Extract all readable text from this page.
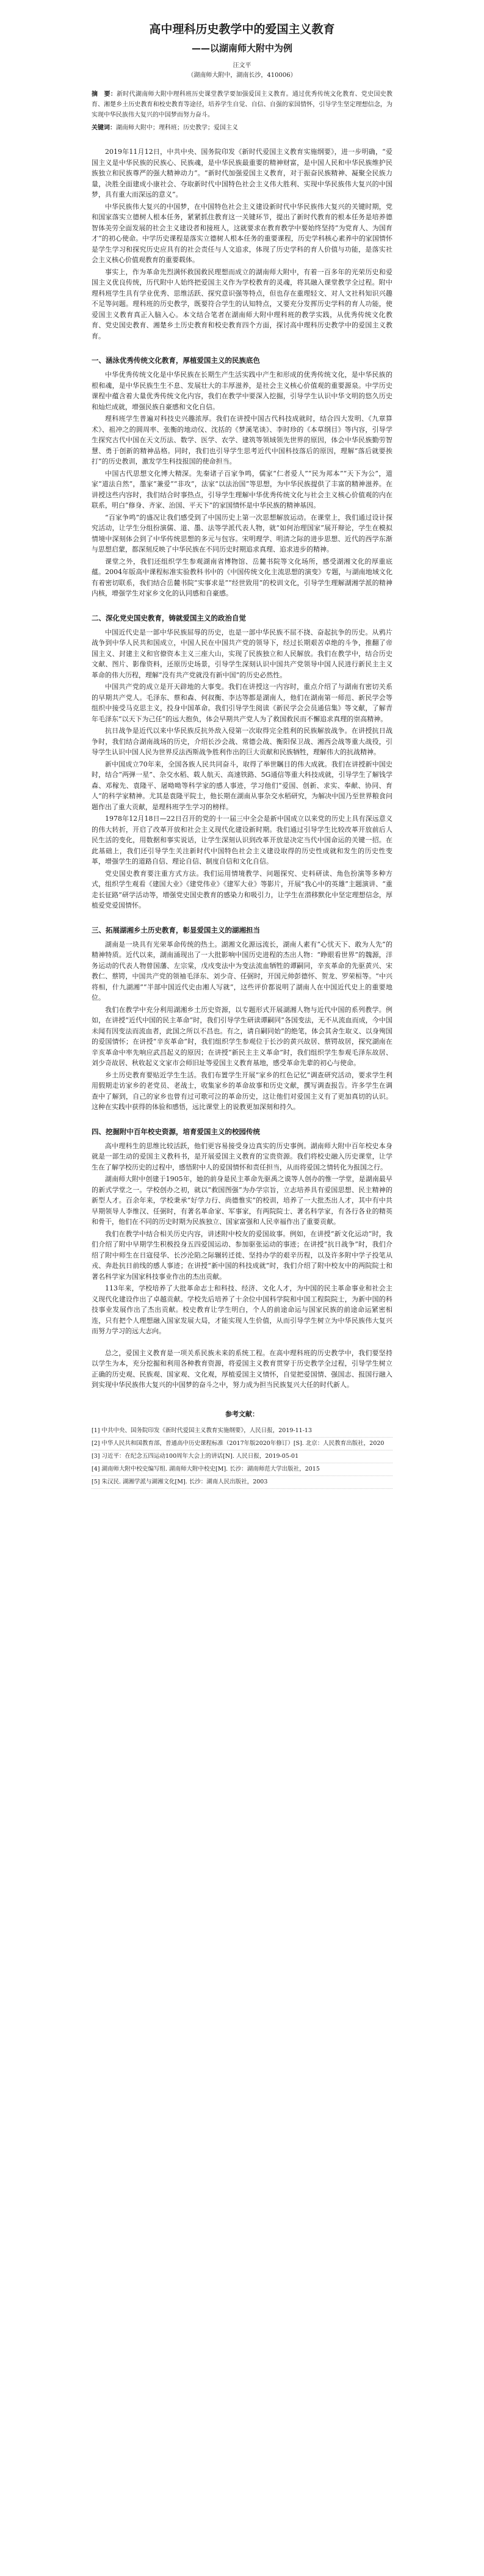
高中理科历史教学中的爱国主义教育
——以湖南师大附中为例

汪文平

（湖南师大附中，湖南长沙，410006）

摘　要：新时代湖南师大附中理科班历史课堂教学要加强爱国主义教育。通过优秀传统文化教育、党史国史教育、湘楚乡土历史教育和校史教育等途径，培养学生自觉、自信、自强的家国情怀，引导学生坚定理想信念，为实现中华民族伟大复兴的中国梦而努力奋斗。

关键词：湖南师大附中；理科班；历史教学；爱国主义

2019年11月12日，中共中央、国务院印发《新时代爱国主义教育实施纲要》，进一步明确，“爱国主义是中华民族的民族心、民族魂，是中华民族最重要的精神财富，是中国人民和中华民族维护民族独立和民族尊严的强大精神动力”。“新时代加强爱国主义教育，对于振奋民族精神、凝聚全民族力量，决胜全面建成小康社会、夺取新时代中国特色社会主义伟大胜利、实现中华民族伟大复兴的中国梦，具有重大而深远的意义”。

中华民族伟大复兴的中国梦，在中国特色社会主义建设新时代中华民族伟大复兴的关键时期，党和国家落实立德树人根本任务，紧紧抓住教育这一关键环节，提出了新时代教育的根本任务是培养德智体美劳全面发展的社会主义建设者和接班人，这就要求在教育教学中要始终坚持“为党育人、为国育才”的初心使命。中学历史课程是落实立德树人根本任务的重要课程，历史学科核心素养中的家国情怀是学生学习和探究历史应具有的社会责任与人文追求，体现了历史学科的育人价值与功能，是落实社会主义核心价值观教育的重要载体。

事实上，作为革命先烈满怀救国救民理想而成立的湖南师大附中，有着一百多年的光荣历史和爱国主义优良传统，历代附中人始终把爱国主义作为学校教育的灵魂，将其融入课堂教学全过程。附中理科班学生具有学业优秀、思维活跃、探究意识强等特点，但也存在重理轻文、对人文社科知识兴趣不足等问题。理科班的历史教学，既要符合学生的认知特点，又要充分发挥历史学科的育人功能，使爱国主义教育真正入脑入心。本文结合笔者在湖南师大附中理科班的教学实践，从优秀传统文化教育、党史国史教育、湘楚乡土历史教育和校史教育四个方面，探讨高中理科历史教学中的爱国主义教育。

一、涵泳优秀传统文化教育，厚植爱国主义的民族底色

中华优秀传统文化是中华民族在长期生产生活实践中产生和形成的优秀传统文化，是中华民族的根和魂，是中华民族生生不息、发展壮大的丰厚滋养，是社会主义核心价值观的重要源泉。中学历史课程中蕴含着大量优秀传统文化内容，我们在教学中要深入挖掘，引导学生认识中华文明的悠久历史和灿烂成就，增强民族自豪感和文化自信。

理科班学生普遍对科技史兴趣浓厚。我们在讲授中国古代科技成就时，结合四大发明、《九章算术》、祖冲之的圆周率、张衡的地动仪、沈括的《梦溪笔谈》、李时珍的《本草纲目》等内容，引导学生探究古代中国在天文历法、数学、医学、农学、建筑等领域领先世界的原因，体会中华民族勤劳智慧、勇于创新的精神品格。同时，我们也引导学生思考近代中国科技落后的原因，理解“落后就要挨打”的历史教训，激发学生科技报国的使命担当。

中国古代思想文化博大精深。先秦诸子百家争鸣，儒家“仁者爱人”“民为邦本”“天下为公”，道家“道法自然”，墨家“兼爱”“非攻”，法家“以法治国”等思想，为中华民族提供了丰富的精神滋养。在讲授这些内容时，我们结合时事热点，引导学生理解中华优秀传统文化与社会主义核心价值观的内在联系，明白“修身、齐家、治国、平天下”的家国情怀是中华民族的精神基因。

“百家争鸣”的盛况让我们感受到了中国历史上第一次思想解放运动。在课堂上，我们通过设计探究活动，让学生分组扮演儒、道、墨、法等学派代表人物，就“如何治理国家”展开辩论，学生在模拟情境中深刻体会到了中华传统思想的多元与包容。宋明理学、明清之际的进步思想、近代的西学东渐与思想启蒙，都深刻反映了中华民族在不同历史时期追求真理、追求进步的精神。

课堂之外，我们还组织学生参观湖南省博物馆、岳麓书院等文化场所，感受湖湘文化的厚重底蕴。2004年版高中课程标准实验教科书中的《中国传统文化主流思想的演变》专题，与湖南地域文化有着密切联系，我们结合岳麓书院“实事求是”“经世致用”的校训文化，引导学生理解湖湘学派的精神内核，增强学生对家乡文化的认同感和自豪感。

二、深化党史国史教育，铸就爱国主义的政治自觉

中国近代史是一部中华民族屈辱的历史，也是一部中华民族不屈不挠、奋起抗争的历史。从鸦片战争到中华人民共和国成立，中国人民在中国共产党的领导下，经过长期艰苦卓绝的斗争，推翻了帝国主义、封建主义和官僚资本主义三座大山，实现了民族独立和人民解放。我们在教学中，结合历史文献、图片、影像资料，还原历史场景，引导学生深刻认识中国共产党领导中国人民进行新民主主义革命的伟大历程，理解“没有共产党就没有新中国”的历史必然性。

中国共产党的成立是开天辟地的大事变。我们在讲授这一内容时，重点介绍了与湖南有密切关系的早期共产党人。毛泽东、蔡和森、何叔衡、李达等都是湖南人，他们在湖南第一师范、新民学会等组织中接受马克思主义，投身中国革命。我们引导学生阅读《新民学会会员通信集》等文献，了解青年毛泽东“以天下为己任”的远大抱负，体会早期共产党人为了救国救民而不懈追求真理的崇高精神。

抗日战争是近代以来中华民族反抗外敌入侵第一次取得完全胜利的民族解放战争。在讲授抗日战争时，我们结合湖南战场的历史，介绍长沙会战、常德会战、衡阳保卫战、湘西会战等重大战役，引导学生认识中国人民为世界反法西斯战争胜利作出的巨大贡献和民族牺牲，理解伟大的抗战精神。

新中国成立70年来，全国各族人民共同奋斗，取得了举世瞩目的伟大成就。我们在讲授新中国史时，结合“两弹一星”、杂交水稻、载人航天、高速铁路、5G通信等重大科技成就，引导学生了解钱学森、邓稼先、袁隆平、屠呦呦等科学家的感人事迹，学习他们“爱国、创新、求实、奉献、协同、育人”的科学家精神。尤其是袁隆平院士，他长期在湖南从事杂交水稻研究，为解决中国乃至世界粮食问题作出了重大贡献，是理科班学生学习的榜样。

1978年12月18日—22日召开的党的十一届三中全会是新中国成立以来党的历史上具有深远意义的伟大转折，开启了改革开放和社会主义现代化建设新时期。我们通过引导学生比较改革开放前后人民生活的变化，用数据和事实说话，让学生深刻认识到改革开放是决定当代中国命运的关键一招。在此基础上，我们还引导学生关注新时代中国特色社会主义建设取得的历史性成就和发生的历史性变革，增强学生的道路自信、理论自信、制度自信和文化自信。

党史国史教育要注重方式方法。我们运用情境教学、问题探究、史料研读、角色扮演等多种方式，组织学生观看《建国大业》《建党伟业》《建军大业》等影片，开展“我心中的英雄”主题演讲、“重走长征路”研学活动等，增强党史国史教育的感染力和吸引力，让学生在潜移默化中坚定理想信念，厚植爱党爱国情怀。

三、拓展湖湘乡土历史教育，彰显爱国主义的湖湘担当

湖南是一块具有光荣革命传统的热土。湖湘文化源远流长，湖南人素有“心忧天下、敢为人先”的精神特质。近代以来，湖南涌现出了一大批影响中国历史进程的杰出人物：“睁眼看世界”的魏源，洋务运动的代表人物曾国藩、左宗棠，戊戌变法中为变法流血牺牲的谭嗣同，辛亥革命的先驱黄兴、宋教仁、蔡锷，中国共产党的领袖毛泽东、刘少奇、任弼时，开国元帅彭德怀、贺龙、罗荣桓等。“中兴将相，什九湖湘”“半部中国近代史由湘人写就”，这些评价都说明了湖南人在中国近代史上的重要地位。

我们在教学中充分利用湖湘乡土历史资源，以专题形式开展湖湘人物与近代中国的系列教学。例如，在讲授“近代中国的民主革命”时，我们引导学生研读谭嗣同“各国变法，无不从流血而成，今中国未闻有因变法而流血者，此国之所以不昌也。有之，请自嗣同始”的绝笔，体会其舍生取义、以身殉国的爱国情怀；在讲授“辛亥革命”时，我们组织学生参观位于长沙的黄兴故居、蔡锷故居，探究湖南在辛亥革命中率先响应武昌起义的原因；在讲授“新民主主义革命”时，我们组织学生参观毛泽东故居、刘少奇故居、秋收起义文家市会师旧址等爱国主义教育基地，感受革命先辈的初心与使命。

乡土历史教育要贴近学生生活。我们布置学生开展“家乡的红色记忆”调查研究活动，要求学生利用假期走访家乡的老党员、老战士，收集家乡的革命故事和历史文献，撰写调查报告。许多学生在调查中了解到，自己的家乡也曾有过可歌可泣的革命历史，这让他们对爱国主义有了更加真切的认识。这种在实践中获得的体验和感悟，远比课堂上的说教更加深刻和持久。

四、挖掘附中百年校史资源，培育爱国主义的校园传统

高中理科生的思维比较活跃，他们更容易接受身边真实的历史事例。湖南师大附中百年校史本身就是一部生动的爱国主义教科书，是开展爱国主义教育的宝贵资源。我们将校史融入历史课堂，让学生在了解学校历史的过程中，感悟附中人的爱国情怀和责任担当，从而将爱国之情转化为报国之行。

湖南师大附中创建于1905年，她的前身是民主革命先驱禹之谟等人创办的惟一学堂，是湖南最早的新式学堂之一。学校创办之初，就以“救国图强”为办学宗旨，立志培养具有爱国思想、民主精神的新型人才。百余年来，学校秉承“好学力行、尚德惟实”的校训，培养了一大批杰出人才，其中有中共早期领导人李维汉、任弼时，有著名革命家、军事家，有两院院士、著名科学家，有各行各业的精英和骨干，他们在不同的历史时期为民族独立、国家富强和人民幸福作出了重要贡献。

我们在教学中结合相关历史内容，讲述附中校友的爱国故事。例如，在讲授“新文化运动”时，我们介绍了附中早期学生积极投身五四爱国运动、参加驱张运动的事迹；在讲授“抗日战争”时，我们介绍了附中师生在日寇侵华、长沙沦陷之际辗转迁徙、坚持办学的艰辛历程，以及许多附中学子投笔从戎、奔赴抗日前线的感人事迹；在讲授“新中国的科技成就”时，我们介绍了附中校友中的两院院士和著名科学家为国家科技事业作出的杰出贡献。

113年来，学校培养了大批革命志士和科技、经济、文化人才，为中国的民主革命事业和社会主义现代化建设作出了卓越贡献。学校先后培养了十余位中国科学院和中国工程院院士，为新中国的科技事业发展作出了杰出贡献。校史教育让学生明白，个人的前途命运与国家民族的前途命运紧密相连，只有把个人理想融入国家发展大局，才能实现人生价值，从而引导学生树立为中华民族伟大复兴而努力学习的远大志向。

总之，爱国主义教育是一项关系民族未来的系统工程。在高中理科班的历史教学中，我们要坚持以学生为本，充分挖掘和利用各种教育资源，将爱国主义教育贯穿于历史教学全过程，引导学生树立正确的历史观、民族观、国家观、文化观，厚植爱国主义情怀，自觉把爱国情、强国志、报国行融入到实现中华民族伟大复兴的中国梦的奋斗之中，努力成为担当民族复兴大任的时代新人。

参考文献：

[1] 中共中央、国务院印发《新时代爱国主义教育实施纲要》，人民日报，2019-11-13

[2] 中华人民共和国教育部，普通高中历史课程标准（2017年版2020年修订）[S]. 北京：人民教育出版社，2020

[3] 习近平：在纪念五四运动100周年大会上的讲话[N]. 人民日报，2019-05-01

[4] 湖南师大附中校史编写组. 湖南师大附中校史[M]. 长沙：湖南师范大学出版社，2015

[5] 朱汉民. 湖湘学派与湖湘文化[M]. 长沙：湖南人民出版社，2003
